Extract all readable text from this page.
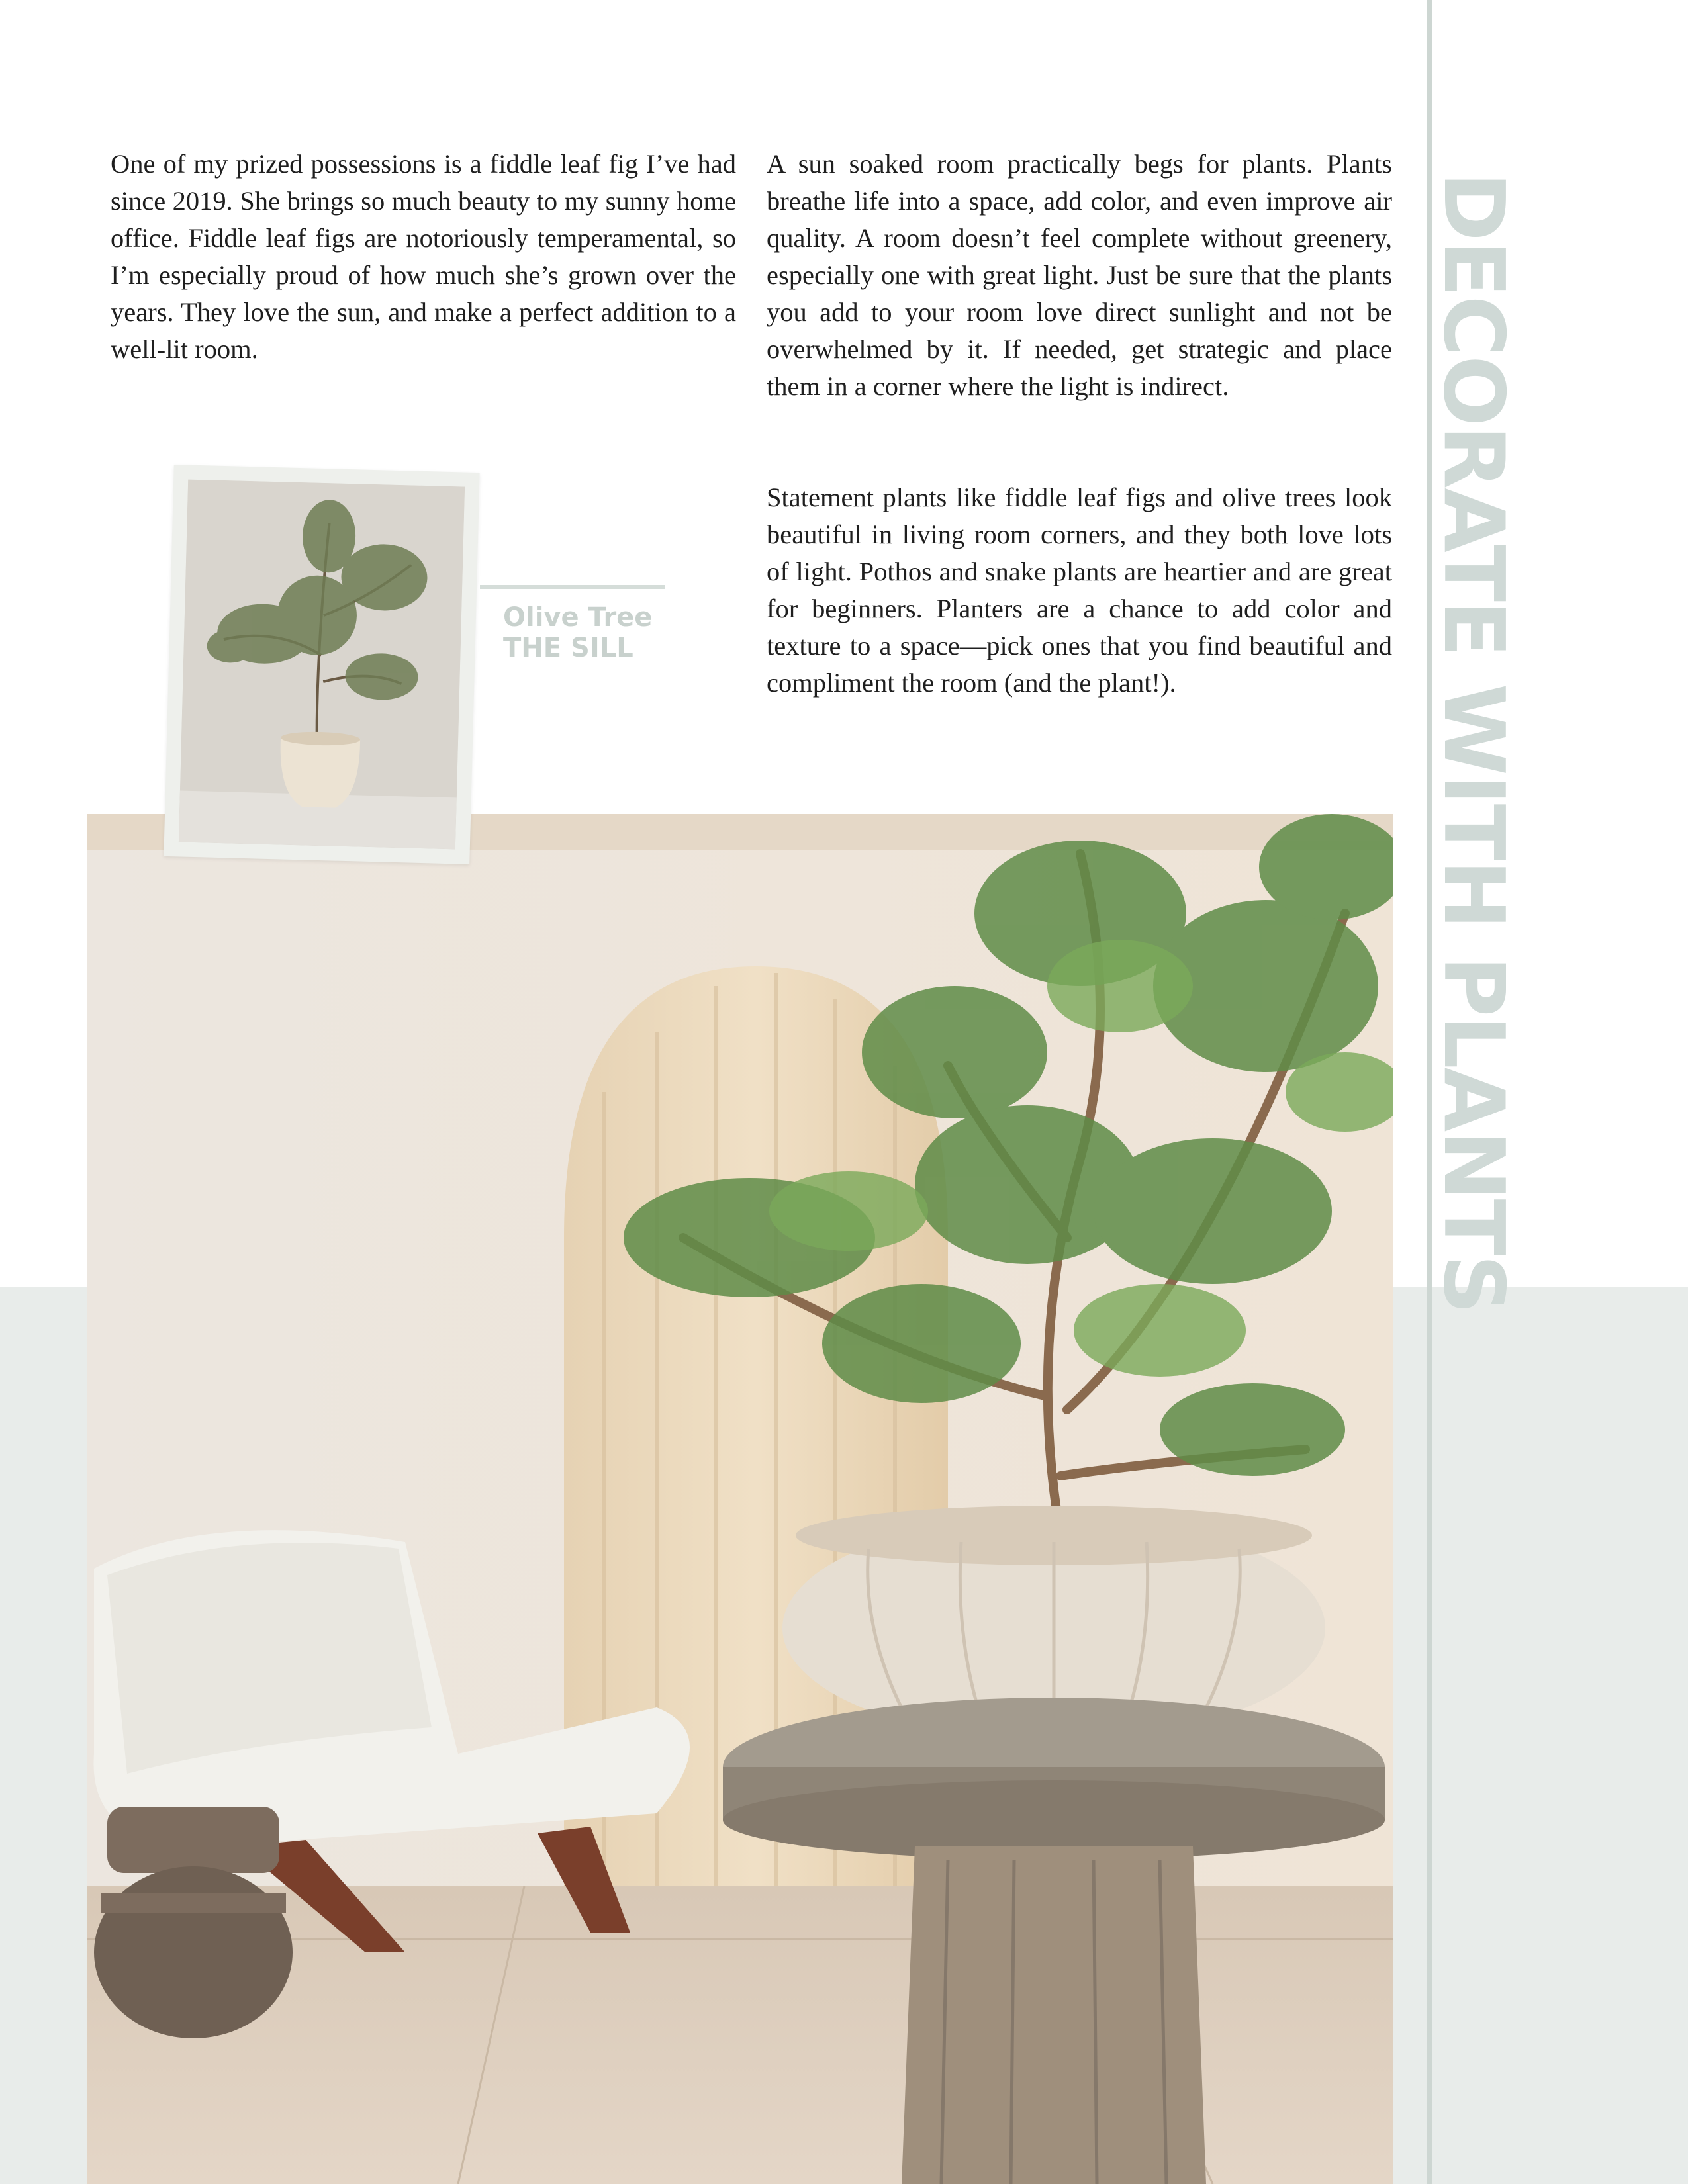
DECORATE WITH PLANTS

One of my prized possessions is a fiddle leaf fig I’ve had since 2019. She brings so much beauty to my sunny home office. Fiddle leaf figs are notoriously temperamental, so I’m especially proud of how much she’s grown over the years. They love the sun, and make a perfect addition to a well-lit room.

A sun soaked room practically begs for plants. Plants breathe life into a space, add color, and even improve air quality. A room doesn’t feel complete without greenery, especially one with great light. Just be sure that the plants you add to your room love direct sunlight and not be overwhelmed by it. If needed, get strategic and place them in a corner where the light is indirect.

Statement plants like fiddle leaf figs and olive trees look beautiful in living room corners, and they both love lots of light. Pothos and snake plants are heartier and are great for beginners. Planters are a chance to add color and texture to a space—pick ones that you find beautiful and compliment the room (and the plant!).

Olive Tree
THE SILL
